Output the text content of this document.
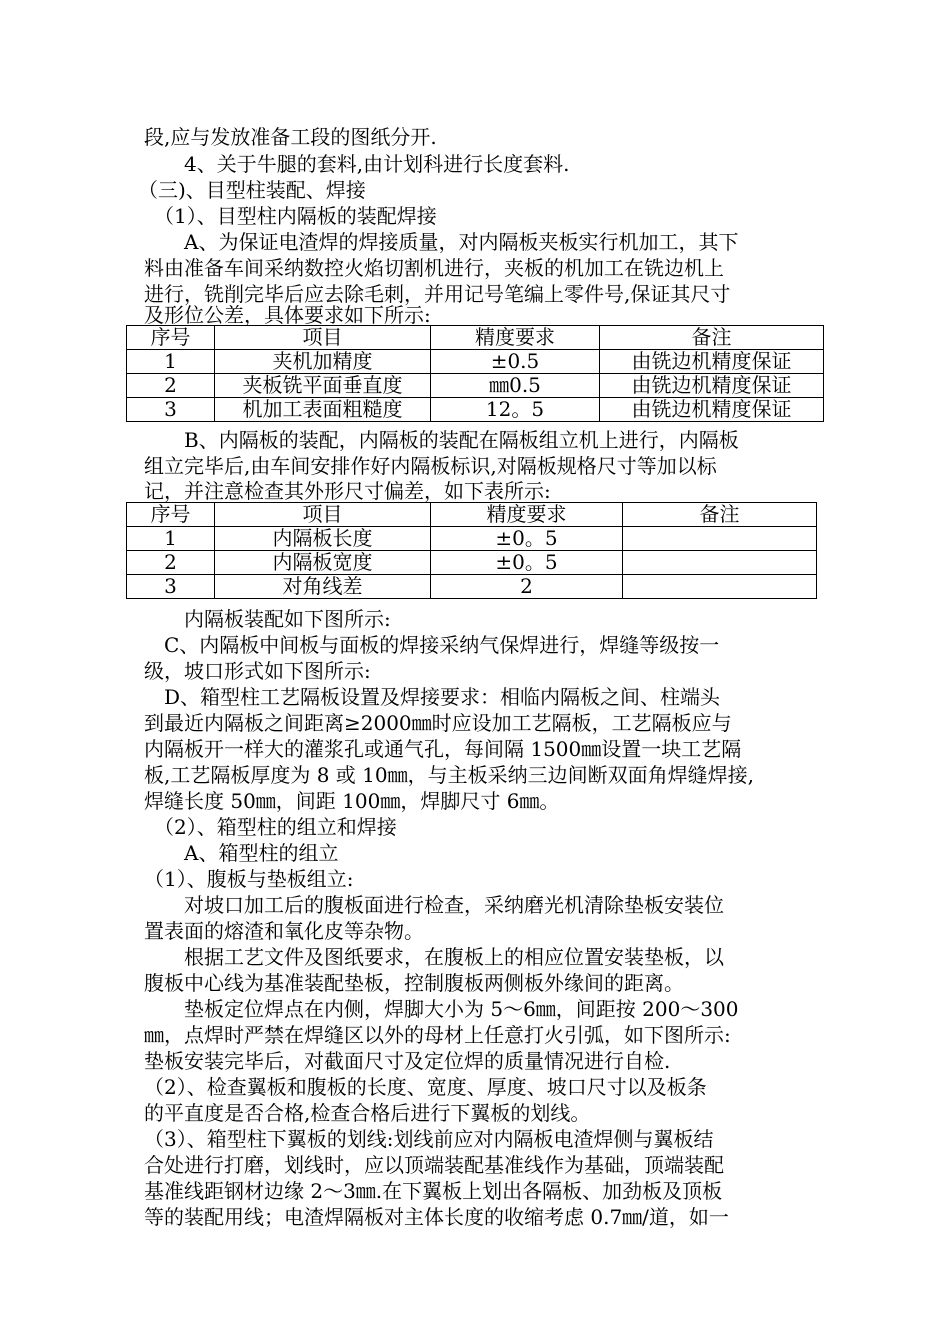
段,应与发放准备工段的图纸分开.
　　4、关于牛腿的套料,由计划科进行长度套料.
（三)、目型柱装配、焊接
　（1）、目型柱内隔板的装配焊接
　　A、为保证电渣焊的焊接质量，对内隔板夹板实行机加工，其下
料由准备车间采纳数控火焰切割机进行，夹板的机加工在铣边机上
进行，铣削完毕后应去除毛刺，并用记号笔编上零件号,保证其尺寸
及形位公差，具体要求如下所示:
序号	项目	精度要求	备注
1	夹机加精度	±0.5	由铣边机精度保证
2	夹板铣平面垂直度	㎜0.5	由铣边机精度保证
3	机加工表面粗糙度	12。5	由铣边机精度保证
　　B、内隔板的装配，内隔板的装配在隔板组立机上进行，内隔板
组立完毕后,由车间安排作好内隔板标识,对隔板规格尺寸等加以标
记，并注意检查其外形尺寸偏差，如下表所示:
序号	项目	精度要求	备注
1	内隔板长度	±0。5	
2	内隔板宽度	±0。5	
3	对角线差	2	
　　内隔板装配如下图所示:
　C、内隔板中间板与面板的焊接采纳气保焊进行，焊缝等级按一
级，坡口形式如下图所示:
　D、箱型柱工艺隔板设置及焊接要求：相临内隔板之间、柱端头
到最近内隔板之间距离≥2000㎜时应设加工艺隔板，工艺隔板应与
内隔板开一样大的灌浆孔或通气孔，每间隔 1500㎜设置一块工艺隔
板,工艺隔板厚度为 8 或 10㎜，与主板采纳三边间断双面角焊缝焊接,
焊缝长度 50㎜，间距 100㎜，焊脚尺寸 6㎜。
　（2）、箱型柱的组立和焊接
　　A、箱型柱的组立
（1）、腹板与垫板组立:
　　对坡口加工后的腹板面进行检查，采纳磨光机清除垫板安装位
置表面的熔渣和氧化皮等杂物。
　　根据工艺文件及图纸要求，在腹板上的相应位置安装垫板，以
腹板中心线为基准装配垫板，控制腹板两侧板外缘间的距离。
　　垫板定位焊点在内侧，焊脚大小为 5～6㎜，间距按 200～300
㎜，点焊时严禁在焊缝区以外的母材上任意打火引弧，如下图所示:
垫板安装完毕后，对截面尺寸及定位焊的质量情况进行自检.
（2）、检查翼板和腹板的长度、宽度、厚度、坡口尺寸以及板条
的平直度是否合格,检查合格后进行下翼板的划线。
（3）、箱型柱下翼板的划线:划线前应对内隔板电渣焊侧与翼板结
合处进行打磨，划线时，应以顶端装配基准线作为基础，顶端装配
基准线距钢材边缘 2～3㎜.在下翼板上划出各隔板、加劲板及顶板
等的装配用线；电渣焊隔板对主体长度的收缩考虑 0.7㎜/道，如一
